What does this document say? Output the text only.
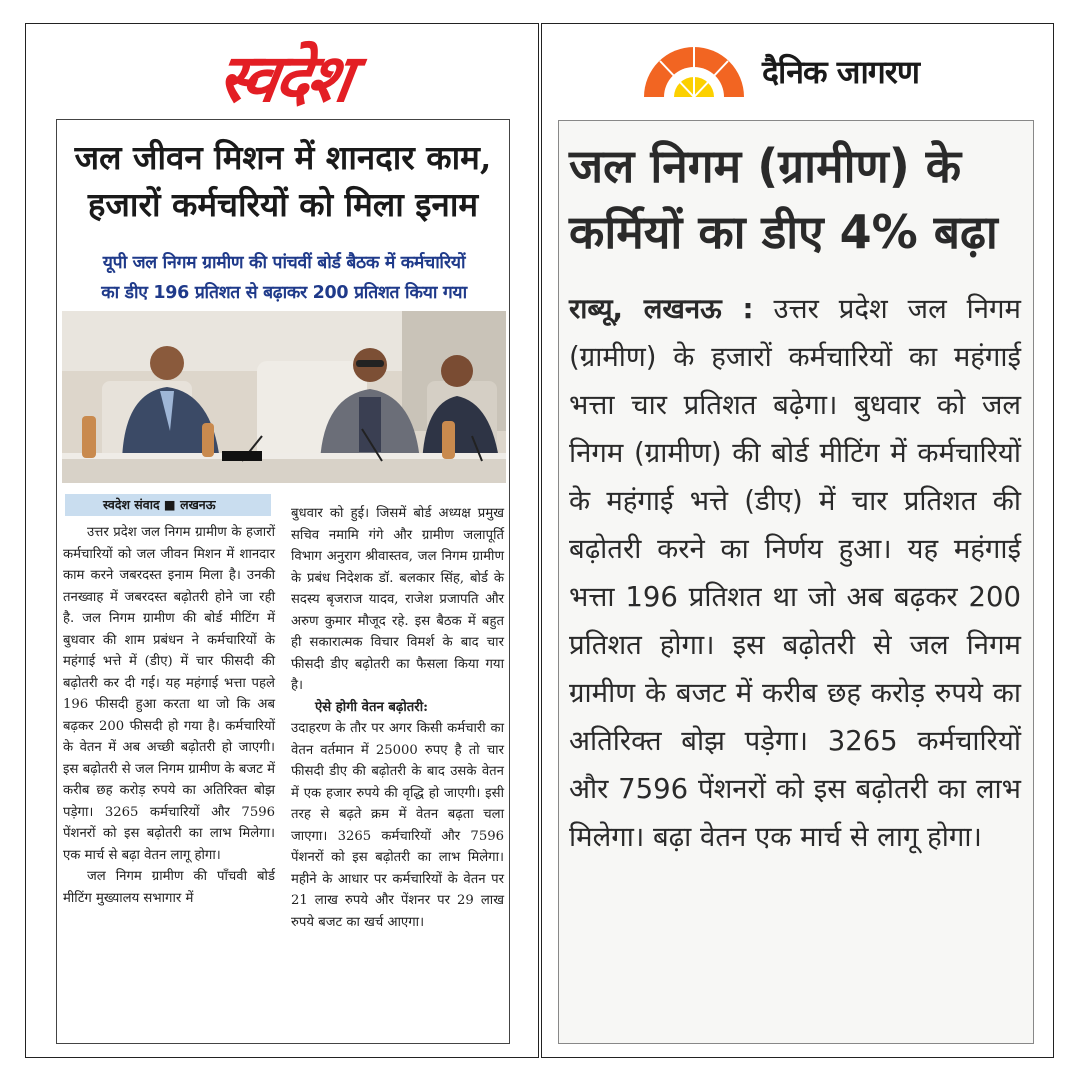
स्वदेश
जल जीवन मिशन में शानदार काम,
हजारों कर्मचरियों को मिला इनाम
यूपी जल निगम ग्रामीण की पांचवीं बोर्ड बैठक में कर्मचारियों
का डीए 196 प्रतिशत से बढ़ाकर 200 प्रतिशत किया गया
स्वदेश संवाद ■ लखनऊ

उत्तर प्रदेश जल निगम ग्रामीण के हजारों कर्मचारियों को जल जीवन मिशन में शानदार काम करने जबरदस्त इनाम मिला है। उनकी तनख्वाह में जबरदस्त बढ़ोतरी होने जा रही है. जल निगम ग्रामीण की बोर्ड मीटिंग में बुधवार की शाम प्रबंधन ने कर्मचारियों के महंगाई भत्ते में (डीए) में चार फीसदी की बढ़ोतरी कर दी गई। यह महंगाई भत्ता पहले 196 फीसदी हुआ करता था जो कि अब बढ़कर 200 फीसदी हो गया है। कर्मचारियों के वेतन में अब अच्छी बढ़ोतरी हो जाएगी। इस बढ़ोतरी से जल निगम ग्रामीण के बजट में करीब छह करोड़ रुपये का अतिरिक्त बोझ पड़ेगा। 3265 कर्मचारियों और 7596 पेंशनरों को इस बढ़ोतरी का लाभ मिलेगा। एक मार्च से बढ़ा वेतन लागू होगा।

जल निगम ग्रामीण की पाँचवी बोर्ड मीटिंग मुख्यालय सभागार में

बुधवार को हुई। जिसमें बोर्ड अध्यक्ष प्रमुख सचिव नमामि गंगे और ग्रामीण जलापूर्ति विभाग अनुराग श्रीवास्तव, जल निगम ग्रामीण के प्रबंध निदेशक डॉ. बलकार सिंह, बोर्ड के सदस्य बृजराज यादव, राजेश प्रजापति और अरुण कुमार मौजूद रहे. इस बैठक में बहुत ही सकारात्मक विचार विमर्श के बाद चार फीसदी डीए बढ़ोतरी का फैसला किया गया है।

ऐसे होगी वेतन बढ़ोतरी:

उदाहरण के तौर पर अगर किसी कर्मचारी का वेतन वर्तमान में 25000 रुपए है तो चार फीसदी डीए की बढ़ोतरी के बाद उसके वेतन में एक हजार रुपये की वृद्धि हो जाएगी। इसी तरह से बढ़ते क्रम में वेतन बढ़ता चला जाएगा। 3265 कर्मचारियों और 7596 पेंशनरों को इस बढ़ोतरी का लाभ मिलेगा। महीने के आधार पर कर्मचारियों के वेतन पर 21 लाख रुपये और पेंशनर पर 29 लाख रुपये बजट का खर्च आएगा।

दैनिक जागरण
जल निगम (ग्रामीण) के
कर्मियों का डीए 4% बढ़ा
राब्यू, लखनऊ : उत्तर प्रदेश जल निगम (ग्रामीण) के हजारों कर्मचारियों का महंगाई भत्ता चार प्रतिशत बढ़ेगा। बुधवार को जल निगम (ग्रामीण) की बोर्ड मीटिंग में कर्मचारियों के महंगाई भत्ते (डीए) में चार प्रतिशत की बढ़ोतरी करने का निर्णय हुआ। यह महंगाई भत्ता 196 प्रतिशत था जो अब बढ़कर 200 प्रतिशत होगा। इस बढ़ोतरी से जल निगम ग्रामीण के बजट में करीब छह करोड़ रुपये का अतिरिक्त बोझ पड़ेगा। 3265 कर्मचारियों और 7596 पेंशनरों को इस बढ़ोतरी का लाभ मिलेगा। बढ़ा वेतन एक मार्च से लागू होगा।
